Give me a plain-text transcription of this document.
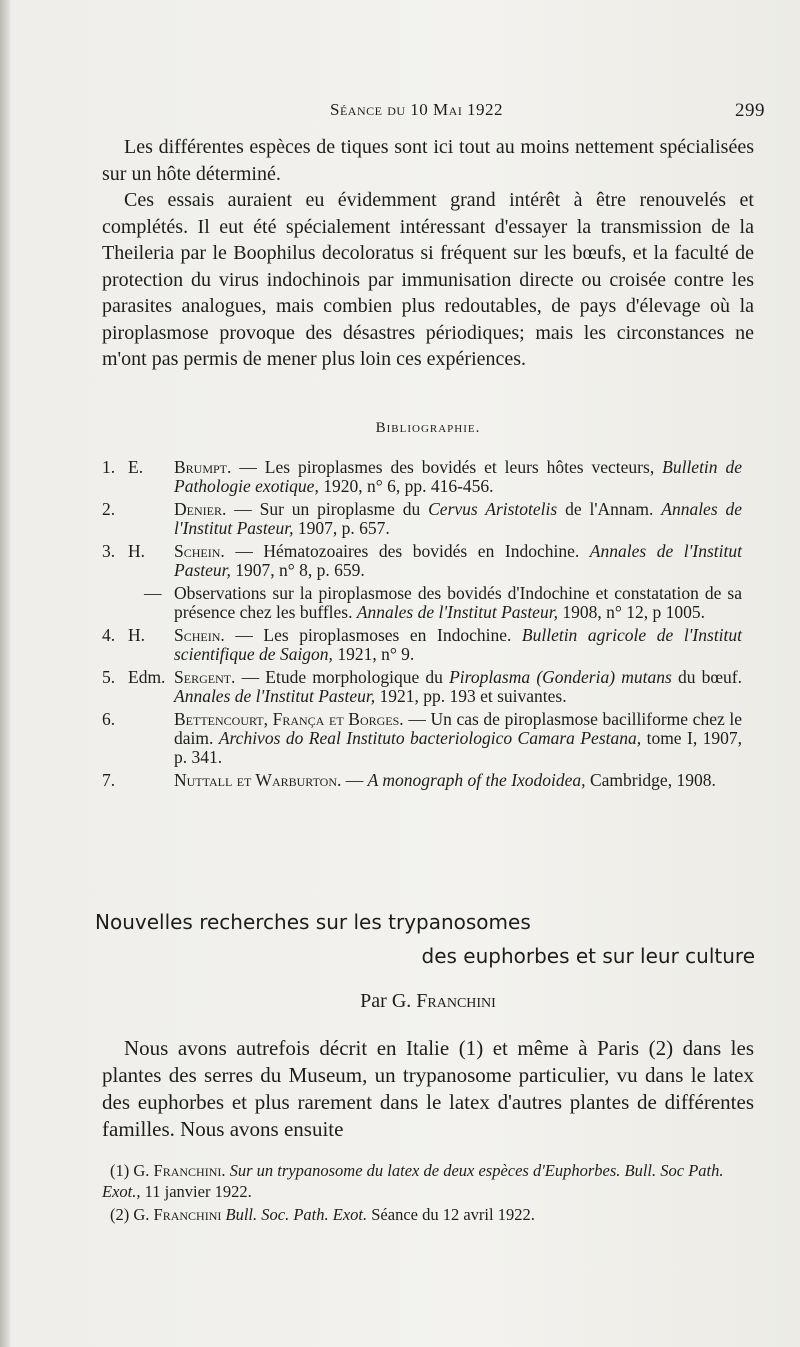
Séance du 10 Mai 1922	299

Les différentes espèces de tiques sont ici tout au moins nettement spécialisées sur un hôte déterminé.

Ces essais auraient eu évidemment grand intérêt à être renouvelés et complétés. Il eut été spécialement intéressant d'essayer la transmission de la Theileria par le Boophilus decoloratus si fréquent sur les bœufs, et la faculté de protection du virus indochinois par immunisation directe ou croisée contre les parasites analogues, mais combien plus redoutables, de pays d'élevage où la piroplasmose provoque des désastres périodiques; mais les circonstances ne m'ont pas permis de mener plus loin ces expériences.

Bibliographie.
1. E. Brumpt. — Les piroplasmes des bovidés et leurs hôtes vecteurs, Bulletin de Pathologie exotique, 1920, n° 6, pp. 416-456.
2.	Denier. — Sur un piroplasme du Cervus Aristotelis de l'Annam. Annales de l'Institut Pasteur, 1907, p. 657.
3. H. Schein. — Hématozoaires des bovidés en Indochine. Annales de l'Institut Pasteur, 1907, n° 8, p. 659.
— Observations sur la piroplasmose des bovidés d'Indochine et constatation de sa présence chez les buffles. Annales de l'Institut Pasteur, 1908, n° 12, p 1005.
4. H. Schein. — Les piroplasmoses en Indochine. Bulletin agricole de l'Institut scientifique de Saigon, 1921, n° 9.
5. Edm. Sergent. — Etude morphologique du Piroplasma (Gonderia) mutans du bœuf. Annales de l'Institut Pasteur, 1921, pp. 193 et suivantes.
6.	Bettencourt, França et Borges. — Un cas de piroplasmose bacilliforme chez le daim. Archivos do Real Instituto bacteriologico Camara Pestana, tome I, 1907, p. 341.
7.	Nuttall et Warburton. — A monograph of the Ixodoidea, Cambridge, 1908.
Nouvelles recherches sur les trypanosomes
des euphorbes et sur leur culture
Par G. Franchini

Nous avons autrefois décrit en Italie (1) et même à Paris (2) dans les plantes des serres du Museum, un trypanosome particulier, vu dans le latex des euphorbes et plus rarement dans le latex d'autres plantes de différentes familles. Nous avons ensuite

(1) G. Franchini. Sur un trypanosome du latex de deux espèces d'Euphorbes. Bull. Soc Path. Exot., 11 janvier 1922.

(2) G. Franchini Bull. Soc. Path. Exot. Séance du 12 avril 1922.
